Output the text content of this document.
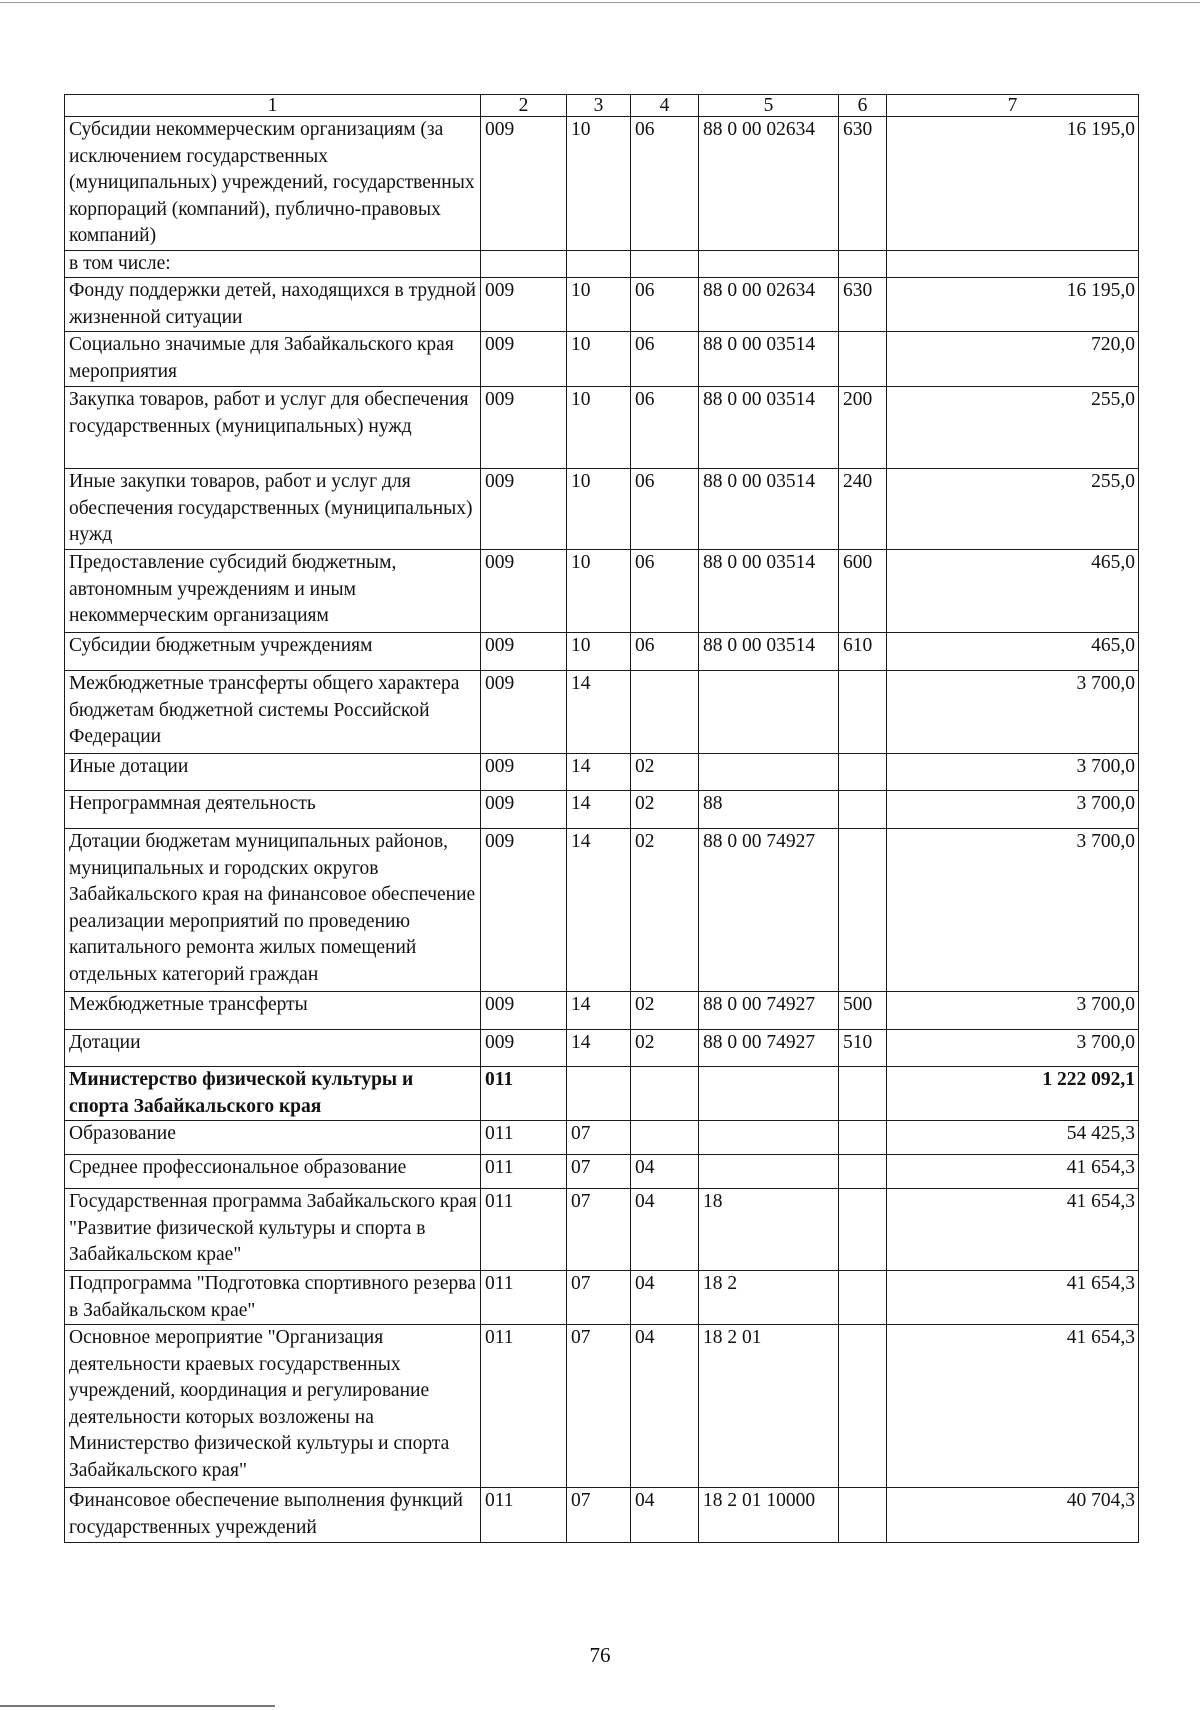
1	2	3	4	5	6	7
Субсидии некоммерческим организациям (за исключением государственных (муниципальных) учреждений, государственных корпораций (компаний), публично-правовых компаний)	009	10	06	88 0 00 02634	630	16 195,0
в том числе:						
Фонду поддержки детей, находящихся в трудной жизненной ситуации	009	10	06	88 0 00 02634	630	16 195,0
Социально значимые для Забайкальского края мероприятия	009	10	06	88 0 00 03514		720,0
Закупка товаров, работ и услуг для обеспечения государственных (муниципальных) нужд	009	10	06	88 0 00 03514	200	255,0
Иные закупки товаров, работ и услуг для обеспечения государственных (муниципальных) нужд	009	10	06	88 0 00 03514	240	255,0
Предоставление субсидий бюджетным, автономным учреждениям и иным некоммерческим организациям	009	10	06	88 0 00 03514	600	465,0
Субсидии бюджетным учреждениям	009	10	06	88 0 00 03514	610	465,0
Межбюджетные трансферты общего характера бюджетам бюджетной системы Российской Федерации	009	14				3 700,0
Иные дотации	009	14	02			3 700,0
Непрограммная деятельность	009	14	02	88		3 700,0
Дотации бюджетам муниципальных районов, муниципальных и городских округов Забайкальского края на финансовое обеспечение реализации мероприятий по проведению капитального ремонта жилых помещений отдельных категорий граждан	009	14	02	88 0 00 74927		3 700,0
Межбюджетные трансферты	009	14	02	88 0 00 74927	500	3 700,0
Дотации	009	14	02	88 0 00 74927	510	3 700,0
Министерство физической культуры и спорта Забайкальского края	011					1 222 092,1
Образование	011	07				54 425,3
Среднее профессиональное образование	011	07	04			41 654,3
Государственная программа Забайкальского края "Развитие физической культуры и спорта в Забайкальском крае"	011	07	04	18		41 654,3
Подпрограмма "Подготовка спортивного резерва в Забайкальском крае"	011	07	04	18 2		41 654,3
Основное мероприятие "Организация деятельности краевых государственных учреждений, координация и регулирование деятельности которых возложены на Министерство физической культуры и спорта Забайкальского края"	011	07	04	18 2 01		41 654,3
Финансовое обеспечение выполнения функций государственных учреждений	011	07	04	18 2 01 10000		40 704,3
76
